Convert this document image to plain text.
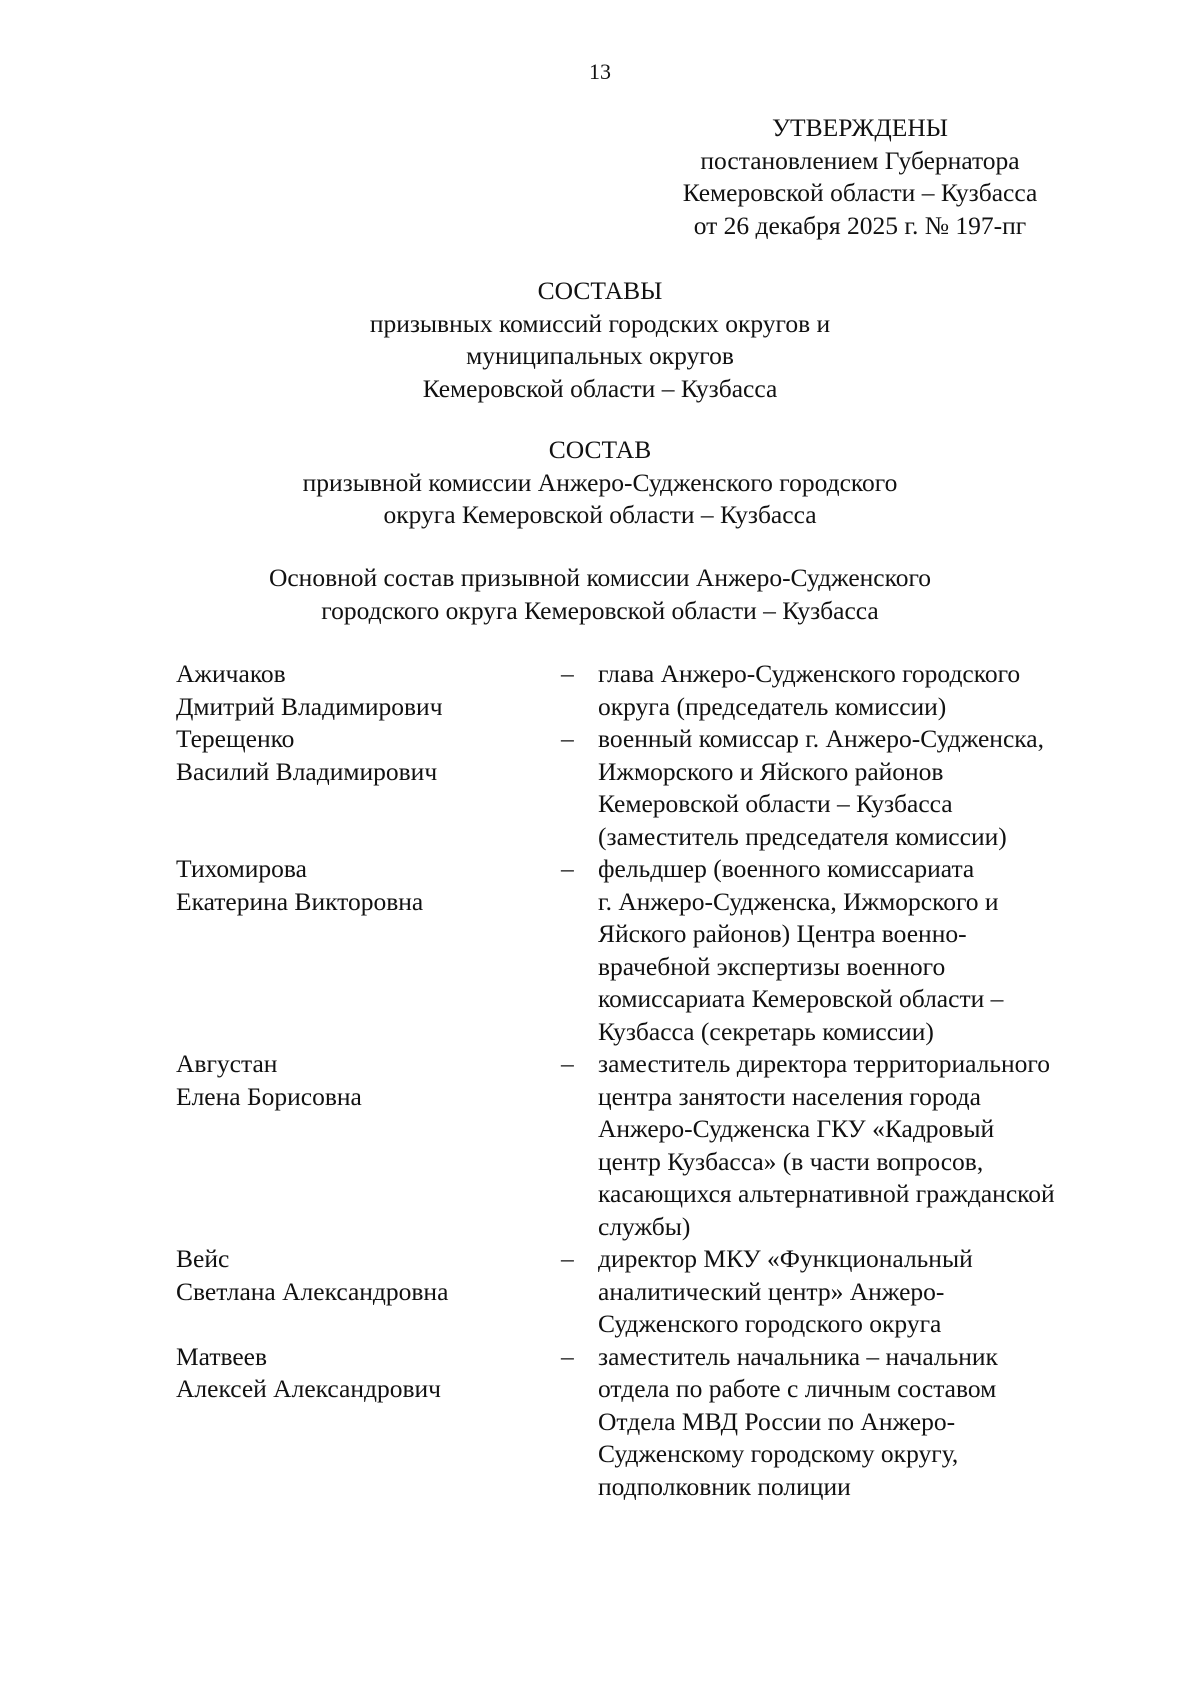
13
УТВЕРЖДЕНЫ
постановлением Губернатора
Кемеровской области – Кузбасса
от 26 декабря 2025 г. № 197-пг
СОСТАВЫ
призывных комиссий городских округов и
муниципальных округов
Кемеровской области – Кузбасса
СОСТАВ
призывной комиссии Анжеро-Судженского городского
округа Кемеровской области – Кузбасса
Основной состав призывной комиссии Анжеро-Судженского
городского округа Кемеровской области – Кузбасса
Ажичаков
Дмитрий Владимирович
– глава Анжеро-Судженского городского
округа (председатель комиссии)
Терещенко
Василий Владимирович
– военный комиссар г. Анжеро-Судженска,
Ижморского и Яйского районов
Кемеровской области – Кузбасса
(заместитель председателя комиссии)
Тихомирова
Екатерина Викторовна
– фельдшер (военного комиссариата
г. Анжеро-Судженска, Ижморского и
Яйского районов) Центра военно-
врачебной экспертизы военного
комиссариата Кемеровской области –
Кузбасса (секретарь комиссии)
Августан
Елена Борисовна
– заместитель директора территориального
центра занятости населения города
Анжеро-Судженска ГКУ «Кадровый
центр Кузбасса» (в части вопросов,
касающихся альтернативной гражданской
службы)
Вейс
Светлана Александровна
– директор МКУ «Функциональный
аналитический центр» Анжеро-
Судженского городского округа
Матвеев
Алексей Александрович
– заместитель начальника – начальник
отдела по работе с личным составом
Отдела МВД России по Анжеро-
Судженскому городскому округу,
подполковник полиции
